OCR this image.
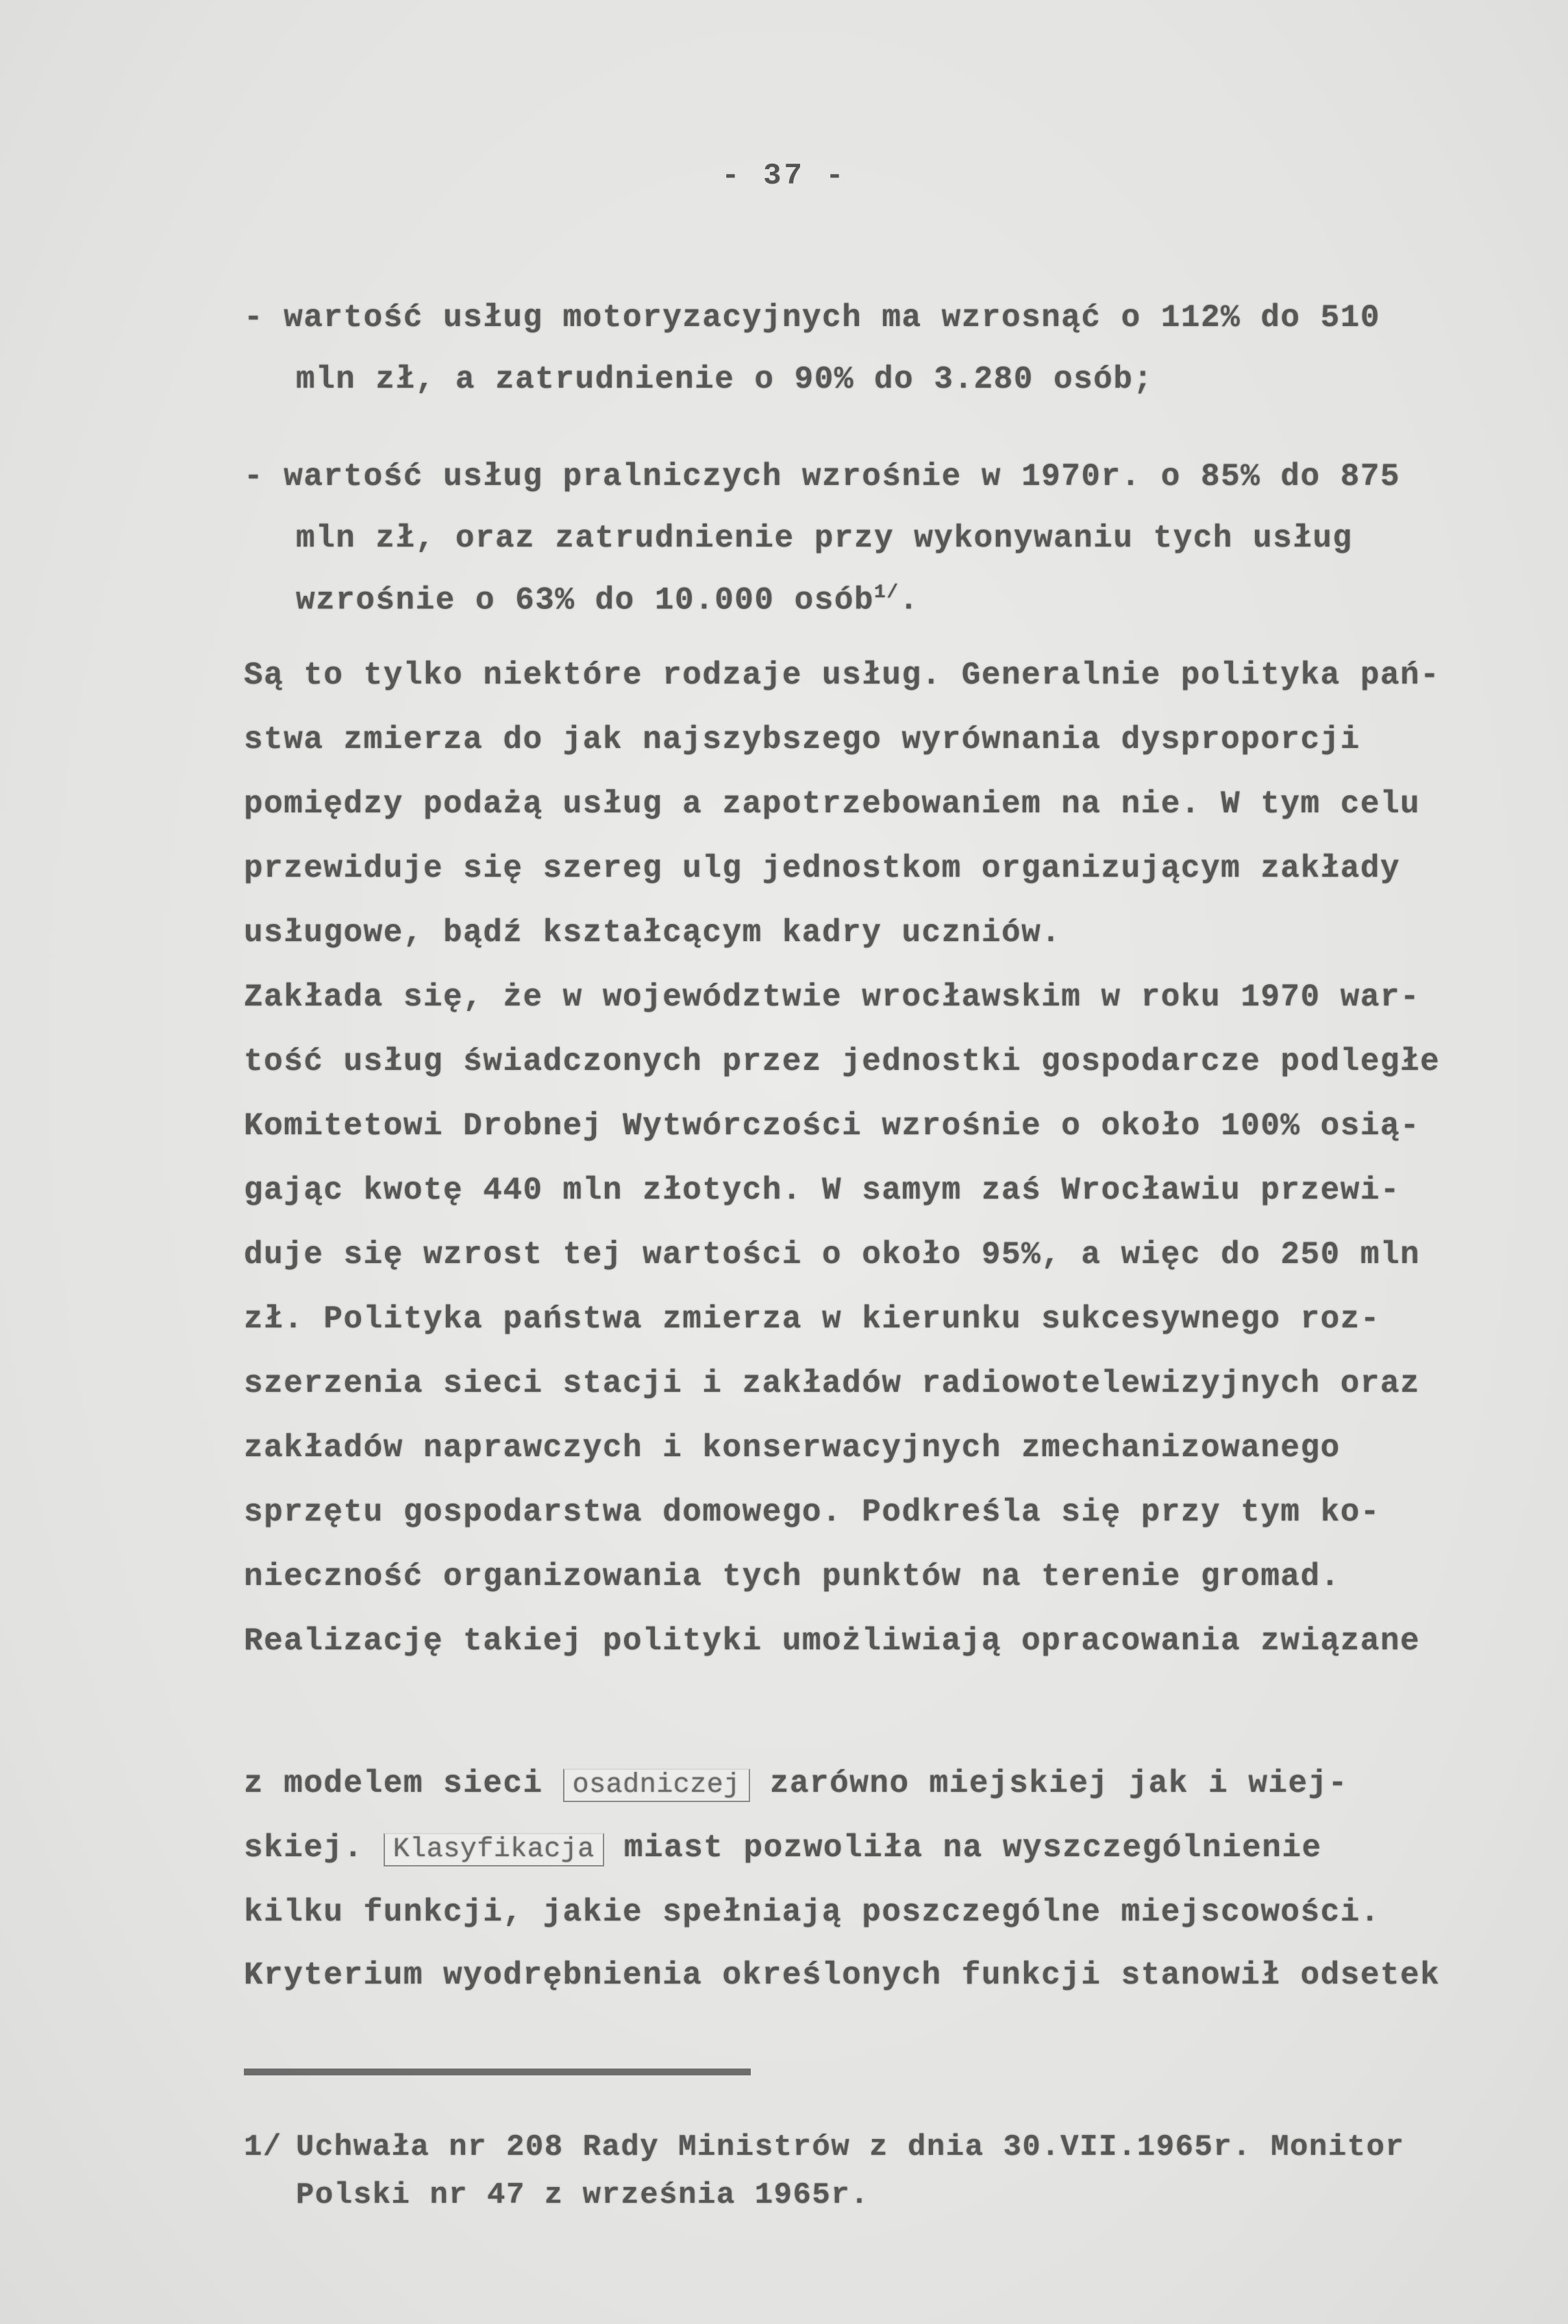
- 37 -
- wartość usług motoryzacyjnych ma wzrosnąć o 112% do 510
mln zł, a zatrudnienie o 90% do 3.280 osób;
- wartość usług pralniczych wzrośnie w 1970r. o 85% do 875
mln zł, oraz zatrudnienie przy wykonywaniu tych usług
wzrośnie o 63% do 10.000 osób$^{1/}$.
Są to tylko niektóre rodzaje usług. Generalnie polityka pań-
stwa zmierza do jak najszybszego wyrównania dysproporcji
pomiędzy podażą usług a zapotrzebowaniem na nie. W tym celu
przewiduje się szereg ulg jednostkom organizującym zakłady
usługowe, bądź kształcącym kadry uczniów.
Zakłada się, że w województwie wrocławskim w roku 1970 war-
tość usług świadczonych przez jednostki gospodarcze podległe
Komitetowi Drobnej Wytwórczości wzrośnie o około 100% osią-
gając kwotę 440 mln złotych. W samym zaś Wrocławiu przewi-
duje się wzrost tej wartości o około 95%, a więc do 250 mln
zł. Polityka państwa zmierza w kierunku sukcesywnego roz-
szerzenia sieci stacji i zakładów radiowotelewizyjnych oraz
zakładów naprawczych i konserwacyjnych zmechanizowanego
sprzętu gospodarstwa domowego. Podkreśla się przy tym ko-
nieczność organizowania tych punktów na terenie gromad.
Realizację takiej polityki umożliwiają opracowania związane
z modelem sieci osadniczej zarówno miejskiej jak i wiej-
skiej. Klasyfikacja miast pozwoliła na wyszczególnienie
kilku funkcji, jakie spełniają poszczególne miejscowości.
Kryterium wyodrębnienia określonych funkcji stanowił odsetek
1/ Uchwała nr 208 Rady Ministrów z dnia 30.VII.1965r. Monitor
Polski nr 47 z września 1965r.
